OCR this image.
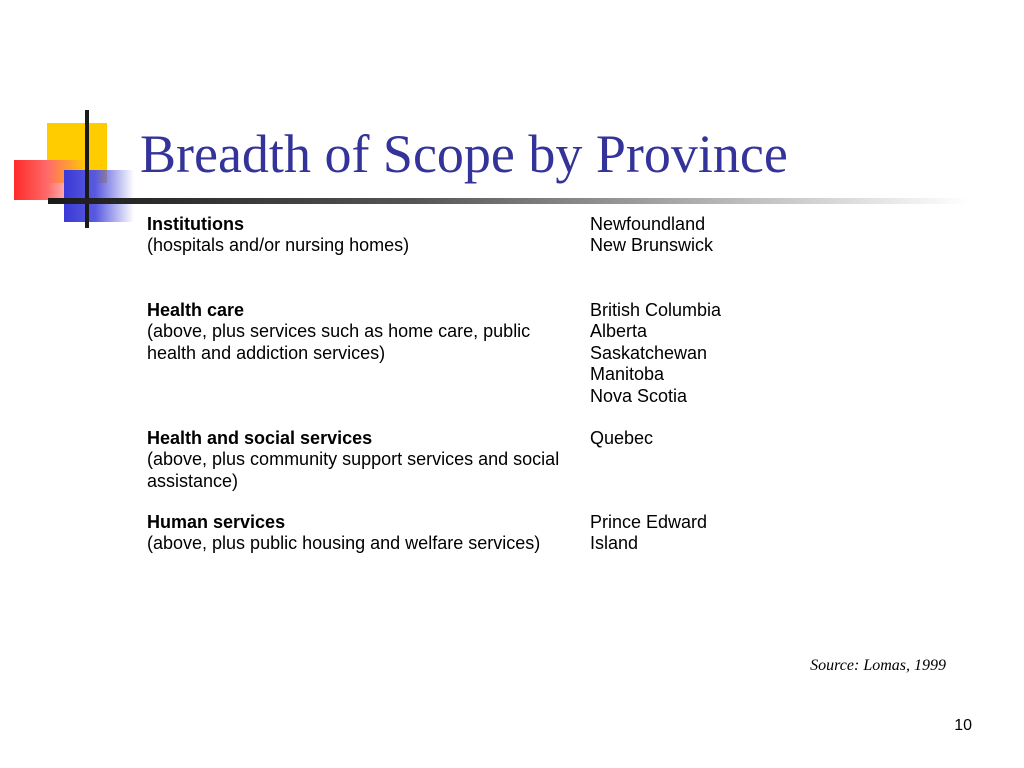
Breadth of Scope by Province
Institutions
(hospitals and/or nursing homes)
Newfoundland
New Brunswick
Health care
(above, plus services such as home care, public health and addiction services)
British Columbia
Alberta
Saskatchewan
Manitoba
Nova Scotia
Health and social services
(above, plus community support services and social assistance)
Quebec
Human services
(above, plus public housing and welfare services)
Prince Edward Island
Source: Lomas, 1999
10
